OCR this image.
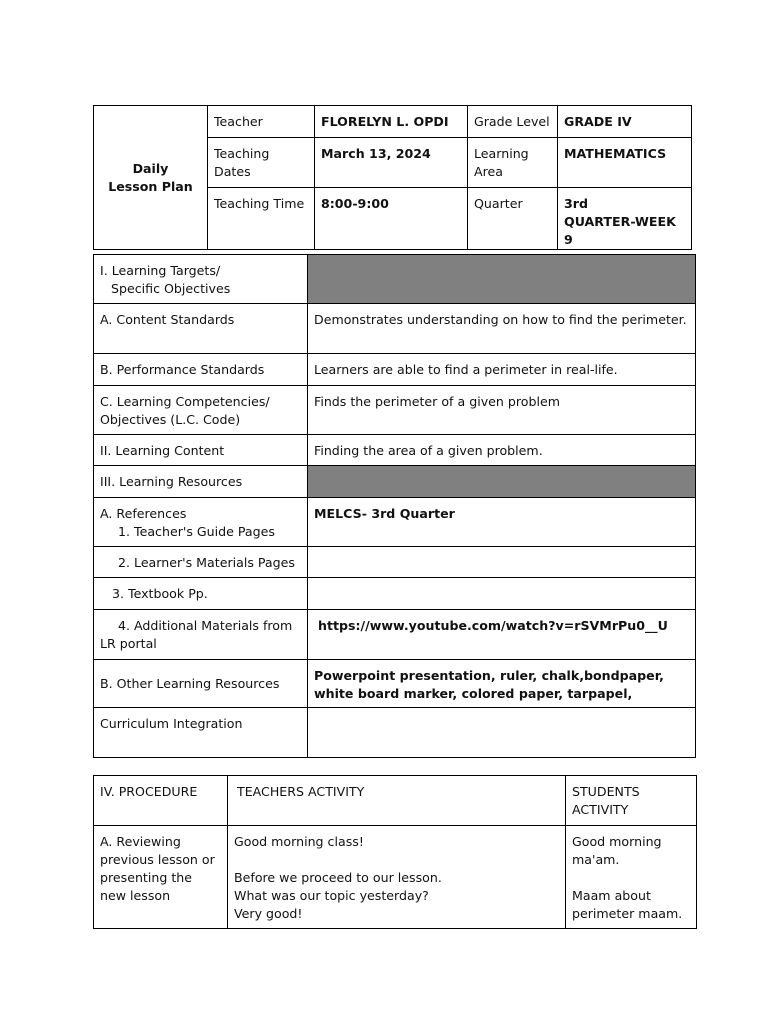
Daily
Lesson Plan	Teacher	FLORELYN L. OPDI	Grade Level	GRADE IV
	Teaching Dates	March 13, 2024	Learning Area	MATHEMATICS
	Teaching Time	8:00-9:00	Quarter	3rd
QUARTER-WEEK 9
I. Learning Targets/
Specific Objectives	

A. Content Standards	Demonstrates understanding on how to find the perimeter.
B. Performance Standards	Learners are able to find a perimeter in real-life.
C. Learning Competencies/ Objectives (L.C. Code)	Finds the perimeter of a given problem
II. Learning Content	Finding the area of a given problem.
III. Learning Resources	

A. References
1. Teacher's Guide Pages	MELCS- 3rd Quarter
2. Learner's Materials Pages	
3. Textbook Pp.	

4. Additional Materials from
LR portal	https://www.youtube.com/watch?v=rSVMrPu0__U
B. Other Learning Resources	Powerpoint presentation, ruler, chalk,bondpaper, white board marker, colored paper, tarpapel,
Curriculum Integration	
IV. PROCEDURE	TEACHERS ACTIVITY	STUDENTS ACTIVITY
A. Reviewing previous lesson or presenting the new lesson	Good morning class!
Before we proceed to our lesson.
What was our topic yesterday?
Very good!	Good morning ma'am.
Maam about perimeter maam.
